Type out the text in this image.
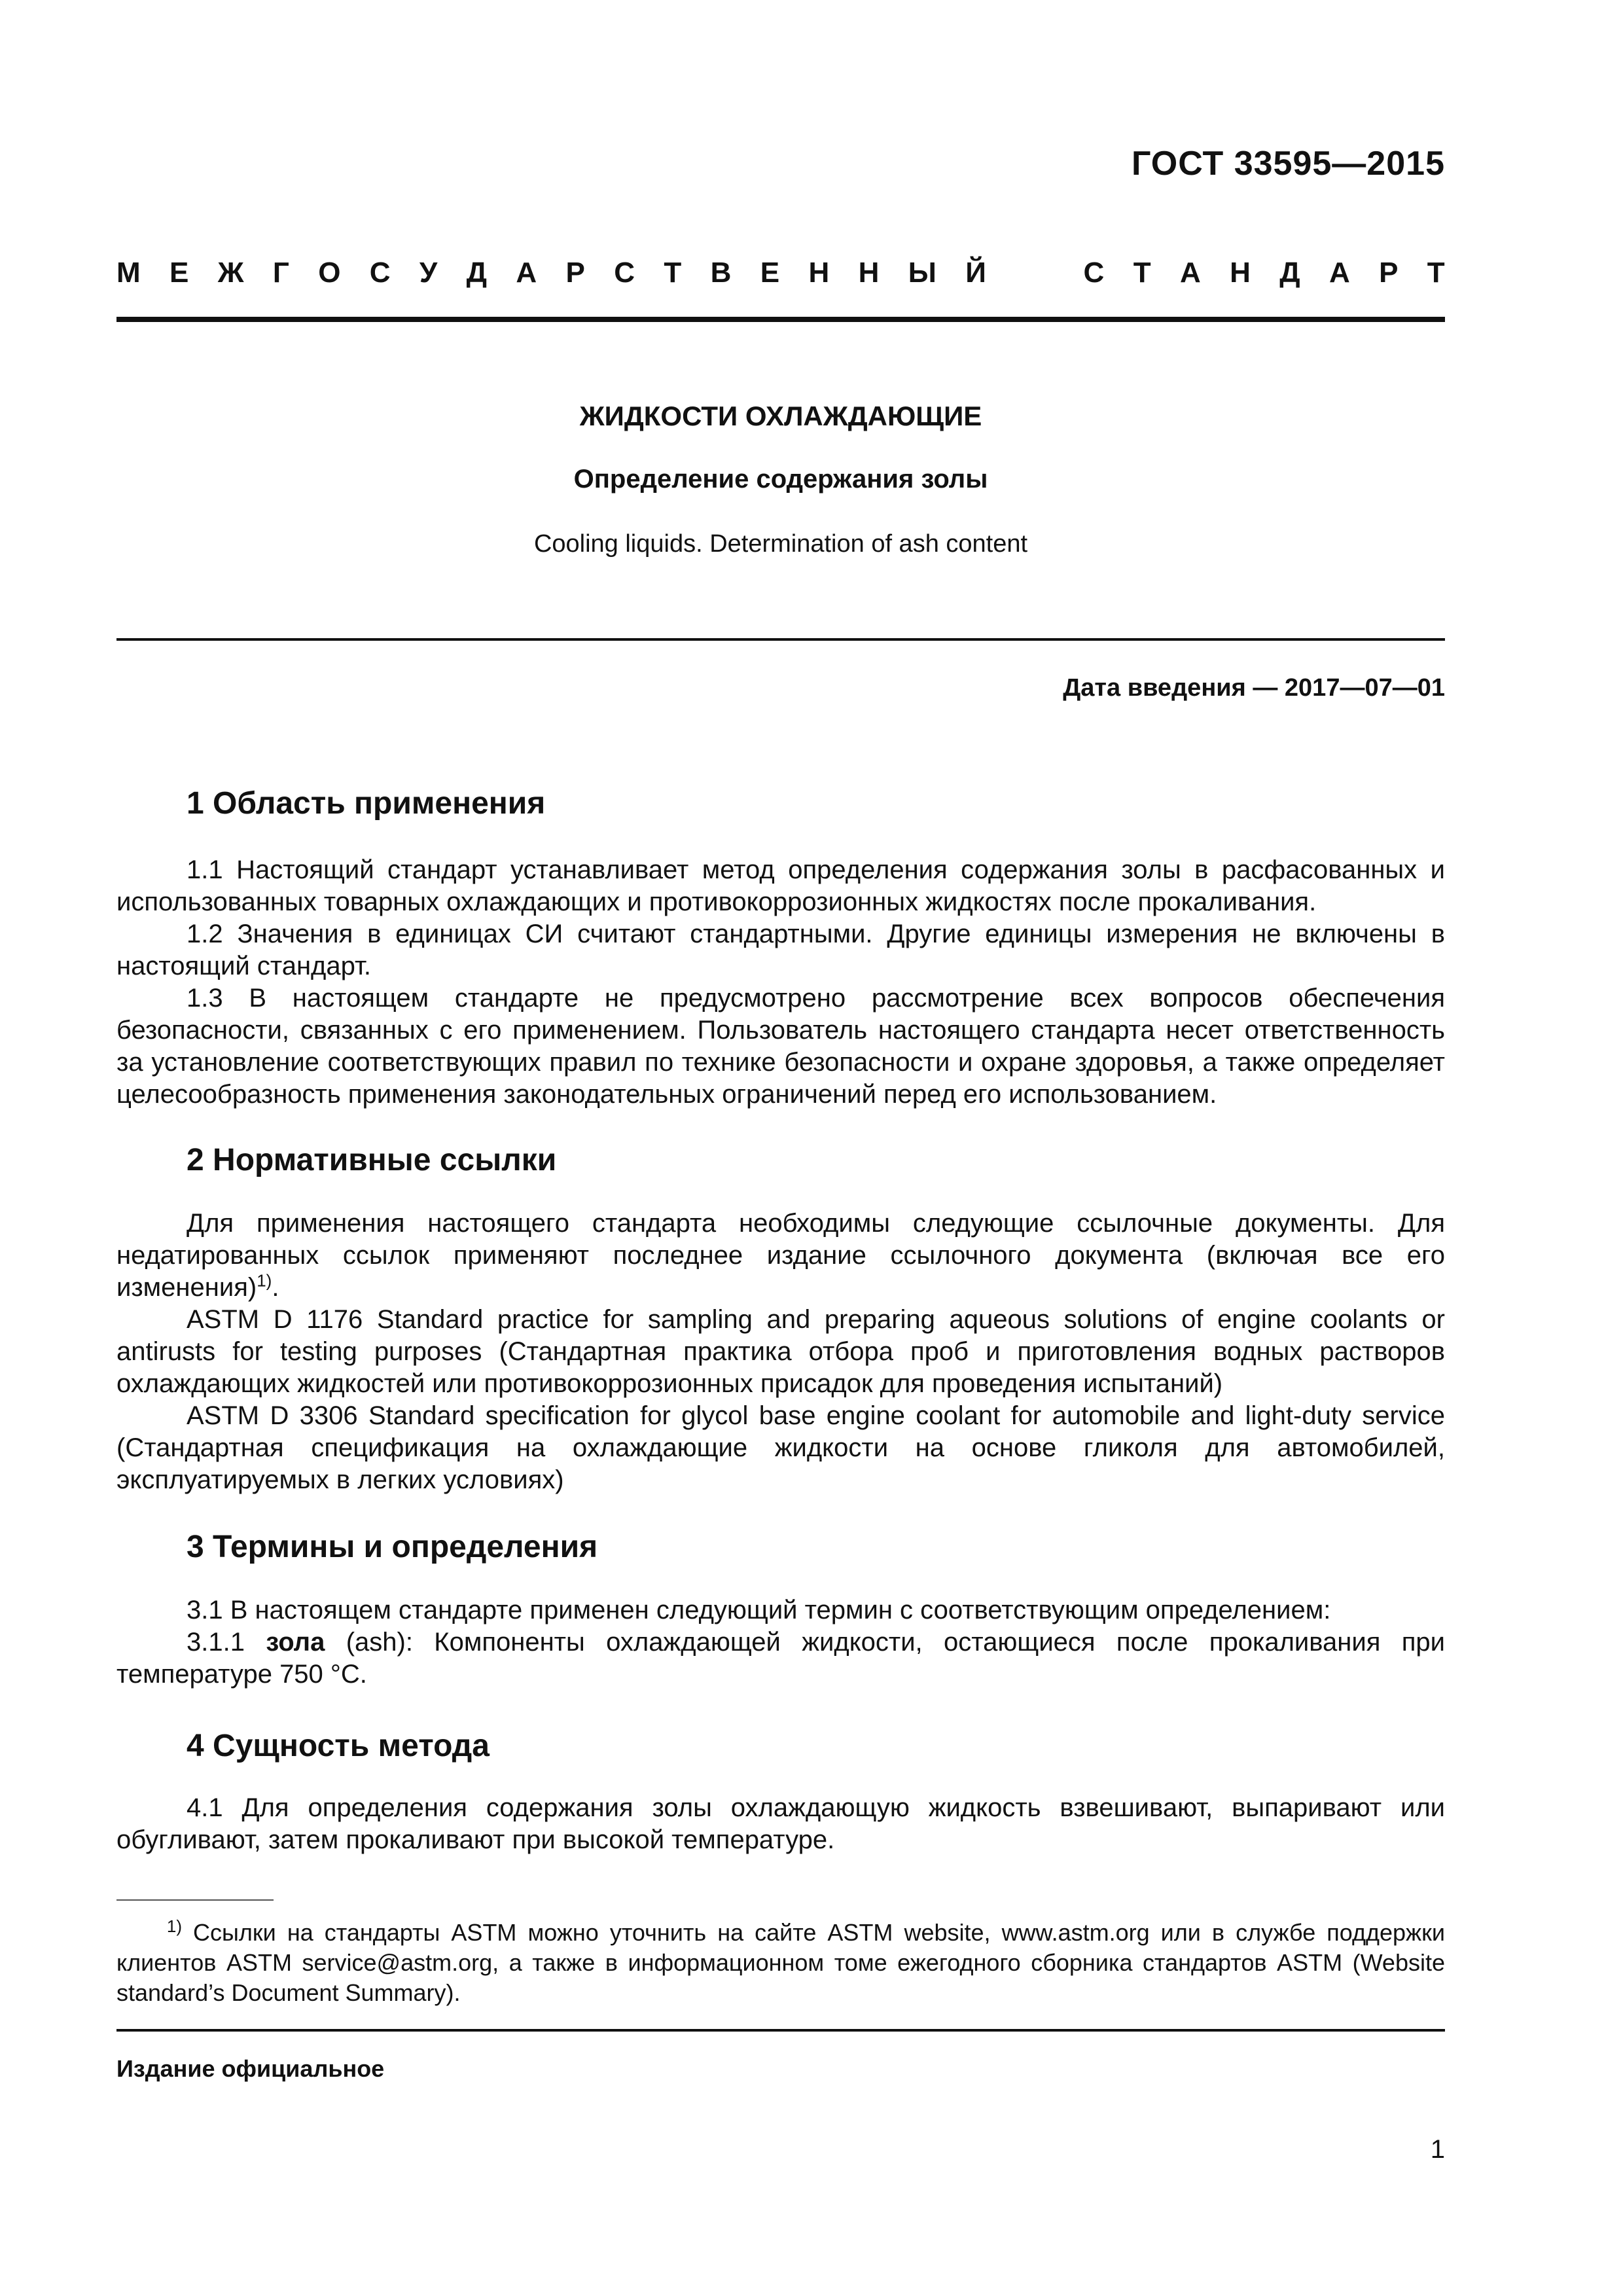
ГОСТ 33595—2015
М Е Ж Г О С У Д А Р С Т В Е Н Н Ы Й	С Т А Н Д А Р Т
ЖИДКОСТИ ОХЛАЖДАЮЩИЕ
Определение содержания золы
Cooling liquids. Determination of ash content
Дата введения — 2017—07—01
1 Область применения
1.1 Настоящий стандарт устанавливает метод определения содержания золы в расфасованных и использованных товарных охлаждающих и противокоррозионных жидкостях после прокаливания.
1.2 Значения в единицах СИ считают стандартными. Другие единицы измерения не включены в настоящий стандарт.
1.3 В настоящем стандарте не предусмотрено рассмотрение всех вопросов обеспечения безопасности, связанных с его применением. Пользователь настоящего стандарта несет ответственность за установление соответствующих правил по технике безопасности и охране здоровья, а также определяет целесообразность применения законодательных ограничений перед его использованием.
2 Нормативные ссылки
Для применения настоящего стандарта необходимы следующие ссылочные документы. Для недатированных ссылок применяют последнее издание ссылочного документа (включая все его изменения)$^{1)}$.
ASTM D 1176 Standard practice for sampling and preparing aqueous solutions of engine coolants or antirusts for testing purposes (Стандартная практика отбора проб и приготовления водных растворов охлаждающих жидкостей или противокоррозионных присадок для проведения испытаний)
ASTM D 3306 Standard specification for glycol base engine coolant for automobile and light-duty service (Стандартная спецификация на охлаждающие жидкости на основе гликоля для автомобилей, эксплуатируемых в легких условиях)
3 Термины и определения
3.1 В настоящем стандарте применен следующий термин с соответствующим определением:
3.1.1 зола (ash): Компоненты охлаждающей жидкости, остающиеся после прокаливания при температуре 750 °С.
4 Сущность метода
4.1 Для определения содержания золы охлаждающую жидкость взвешивают, выпаривают или обугливают, затем прокаливают при высокой температуре.
$^{1)}$ Ссылки на стандарты ASTM можно уточнить на сайте ASTM website, www.astm.org или в службе поддержки клиентов ASTM service@astm.org, а также в информационном томе ежегодного сборника стандартов ASTM (Website standard’s Document Summary).
Издание официальное
1
